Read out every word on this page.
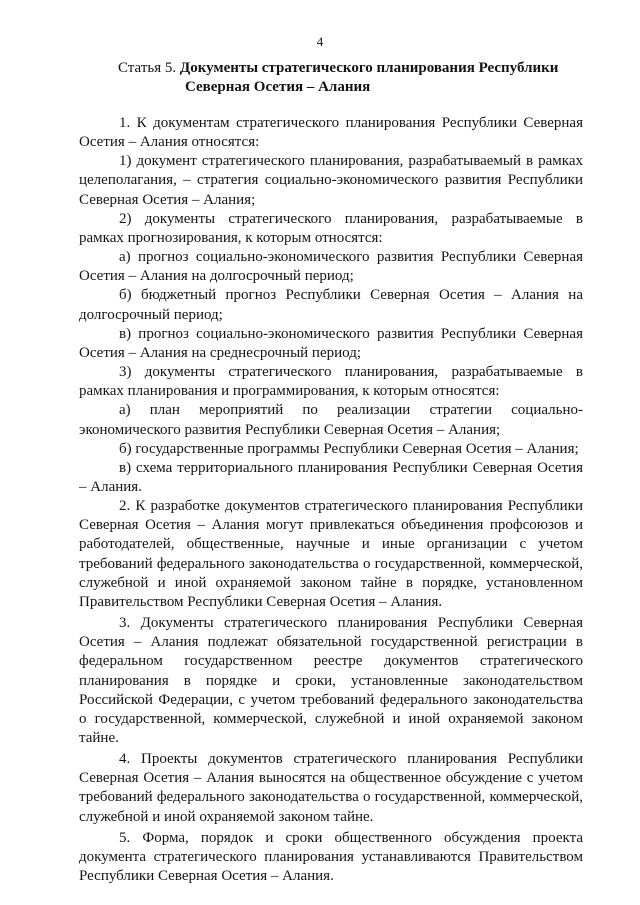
4
Статья 5. Документы стратегического планирования Республики
Северная Осетия – Алания

1. К документам стратегического планирования Республики Северная Осетия – Алания относятся:

1) документ стратегического планирования, разрабатываемый в рамках целеполагания, – стратегия социально-экономического развития Республики Северная Осетия – Алания;

2) документы стратегического планирования, разрабатываемые в рамках прогнозирования, к которым относятся:

а) прогноз социально-экономического развития Республики Северная Осетия – Алания на долгосрочный период;

б) бюджетный прогноз Республики Северная Осетия – Алания на долгосрочный период;

в) прогноз социально-экономического развития Республики Северная Осетия – Алания на среднесрочный период;

3) документы стратегического планирования, разрабатываемые в рамках планирования и программирования, к которым относятся:

а) план мероприятий по реализации стратегии социально-экономического развития Республики Северная Осетия – Алания;

б) государственные программы Республики Северная Осетия – Алания;

в) схема территориального планирования Республики Северная Осетия – Алания.

2. К разработке документов стратегического планирования Республики Северная Осетия – Алания могут привлекаться объединения профсоюзов и работодателей, общественные, научные и иные организации с учетом требований федерального законодательства о государственной, коммерческой, служебной и иной охраняемой законом тайне в порядке, установленном Правительством Республики Северная Осетия – Алания.

3. Документы стратегического планирования Республики Северная Осетия – Алания подлежат обязательной государственной регистрации в федеральном государственном реестре документов стратегического планирования в порядке и сроки, установленные законодательством Российской Федерации, с учетом требований федерального законодательства о государственной, коммерческой, служебной и иной охраняемой законом тайне.

4. Проекты документов стратегического планирования Республики Северная Осетия – Алания выносятся на общественное обсуждение с учетом требований федерального законодательства о государственной, коммерческой, служебной и иной охраняемой законом тайне.

5. Форма, порядок и сроки общественного обсуждения проекта документа стратегического планирования устанавливаются Правительством Республики Северная Осетия – Алания.
